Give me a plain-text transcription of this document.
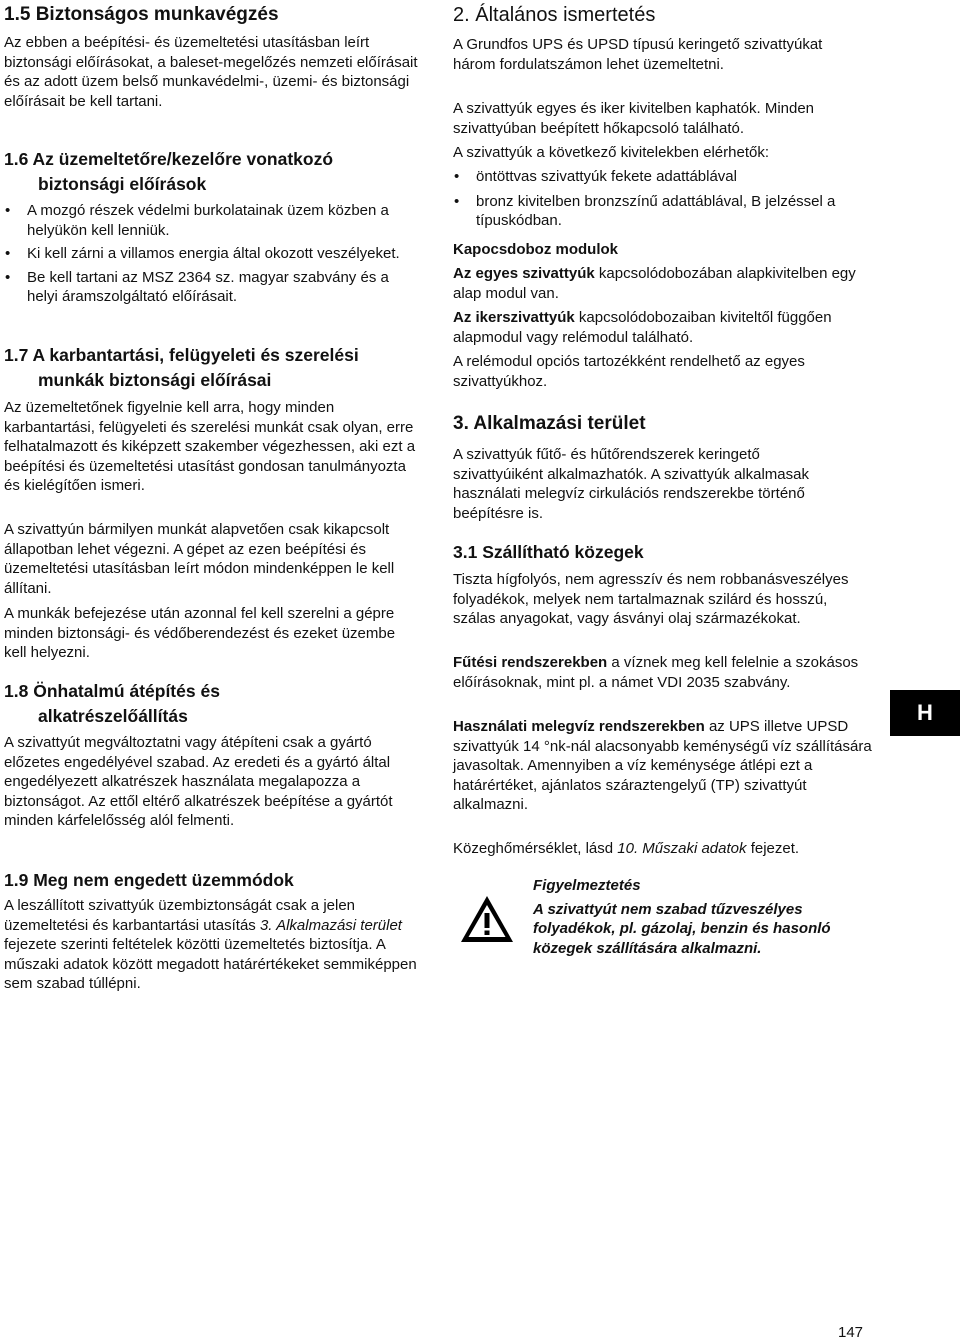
1.5 Biztonságos munkavégzés

Az ebben a beépítési- és üzemeltetési utasításban leírt biztonsági előírásokat, a baleset-megelőzés nemzeti előírásait és az adott üzem belső munkavédelmi-, üzemi- és biztonsági előírásait be kell tartani.

1.6 Az üzemeltetőre/kezelőre vonatkozó
biztonsági előírások
• A mozgó részek védelmi burkolatainak üzem közben a helyükön kell lenniük.
• Ki kell zárni a villamos energia által okozott veszélyeket.
• Be kell tartani az MSZ 2364 sz. magyar szabvány és a helyi áramszolgáltató előírásait.
1.7 A karbantartási, felügyeleti és szerelési
munkák biztonsági előírásai

Az üzemeltetőnek figyelnie kell arra, hogy minden karbantartási, felügyeleti és szerelési munkát csak olyan, erre felhatalmazott és kiképzett szakember végezhessen, aki ezt a beépítési és üzemeltetési utasítást gondosan tanulmányozta és kielégítően ismeri.

A szivattyún bármilyen munkát alapvetően csak kikapcsolt állapotban lehet végezni. A gépet az ezen beépítési és üzemeltetési utasításban leírt módon mindenképpen le kell állítani.

A munkák befejezése után azonnal fel kell szerelni a gépre minden biztonsági- és védőberendezést és ezeket üzembe kell helyezni.

1.8 Önhatalmú átépítés és
alkatrészelőállítás

A szivattyút megváltoztatni vagy átépíteni csak a gyártó előzetes engedélyével szabad. Az eredeti és a gyártó által engedélyezett alkatrészek használata megalapozza a biztonságot. Az ettől eltérő alkatrészek beépítése a gyártót minden kárfelelősség alól felmenti.

1.9 Meg nem engedett üzemmódok

A leszállított szivattyúk üzembiztonságát csak a jelen üzemeltetési és karbantartási utasítás 3. Alkalmazási terület fejezete szerinti feltételek közötti üzemeltetés biztosítja. A műszaki adatok között megadott határértékeket semmiképpen sem szabad túllépni.

2. Általános ismertetés

A Grundfos UPS és UPSD típusú keringető szivattyúkat három fordulatszámon lehet üzemeltetni.

A szivattyúk egyes és iker kivitelben kaphatók. Minden szivattyúban beépített hőkapcsoló található.

A szivattyúk a következő kivitelekben elérhetők:

• öntöttvas szivattyúk fekete adattáblával
• bronz kivitelben bronzszínű adattáblával, B jelzéssel a típuskódban.

Kapocsdoboz modulok

Az egyes szivattyúk kapcsolódobozában alapkivitelben egy alap modul van.

Az ikerszivattyúk kapcsolódobozaiban kiviteltől függően alapmodul vagy relémodul található.

A relémodul opciós tartozékként rendelhető az egyes szivattyúkhoz.

3. Alkalmazási terület

A szivattyúk fűtő- és hűtőrendszerek keringető szivattyúiként alkalmazhatók. A szivattyúk alkalmasak használati melegvíz cirkulációs rendszerekbe történő beépítésre is.

3.1 Szállítható közegek

Tiszta hígfolyós, nem agresszív és nem robbanásveszélyes folyadékok, melyek nem tartalmaznak szilárd és hosszú, szálas anyagokat, vagy ásványi olaj származékokat.

Fűtési rendszerekben a víznek meg kell felelnie a szokásos előírásoknak, mint pl. a námet VDI 2035 szabvány.

Használati melegvíz rendszerekben az UPS illetve UPSD szivattyúk 14 °nk-nál alacsonyabb keménységű víz szállítására javasoltak. Amennyiben a víz keménysége átlépi ezt a határértéket, ajánlatos száraztengelyű (TP) szivattyút alkalmazni.

Közeghőmérséklet, lásd 10. Műszaki adatok fejezet.

Figyelmeztetés
A szivattyút nem szabad tűzveszélyes folyadékok, pl. gázolaj, benzin és hasonló közegek szállítására alkalmazni.
H
147
